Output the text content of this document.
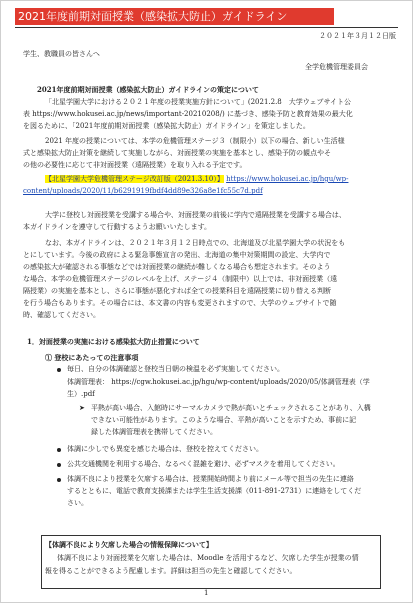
2021年度前期対面授業（感染拡大防止）ガイドライン
２０２１年３月１２日版
学生、教職員の皆さんへ
全学危機管理委員会
2021年度前期対面授業（感染拡大防止）ガイドラインの策定について
「北星学園大学における２０２１年度の授業実施方針について」(2021.2.8　大学ウェブサイト公
表 https://www.hokusei.ac.jp/news/important-20210208/) に基づき、感染予防と教育効果の最大化
を図るために、「2021年度前期対面授業（感染拡大防止）ガイドライン」を策定しました。
2021 年度の授業については、本学の危機管理ステージ３（制限小）以下の場合、新しい生活様
式と感染拡大防止対策を継続して実施しながら、対面授業の実施を基本とし、感染予防の観点やそ
の他の必要性に応じて非対面授業（遠隔授業）を取り入れる予定です。
【北星学園大学危機管理ステージ改訂版（2021.3.10）】 https://www.hokusei.ac.jp/hgu/wp-
content/uploads/2020/11/b6291919fbdf4dd89e326a8e1fc55c7d.pdf
大学に登校し対面授業を受講する場合や、対面授業の前後に学内で遠隔授業を受講する場合は、
本ガイドラインを遵守して行動するようお願いいたします。
なお、本ガイドラインは、２０２１年３月１２日時点での、北海道及び北星学園大学の状況をも
とにしています。今後の政府による緊急事態宣言の発出、北海道の集中対策期間の設定、大学内で
の感染拡大が確認される事態などでは対面授業の継続が難しくなる場合も想定されます。そのよう
な場合、本学の危機管理ステージのレベルを上げ、ステージ４（制限中）以上では、非対面授業（遠
隔授業）の実施を基本とし、さらに事態が悪化すれば全ての授業科目を遠隔授業に切り替える判断
を行う場合もあります。その場合には、本文書の内容も変更されますので、大学のウェブサイトで随
時、確認してください。
1．対面授業の実施における感染拡大防止措置について
① 登校にあたっての注意事項
毎日、自分の体調確認と登校当日朝の検温を必ず実施してください。
体調管理表： https://cgw.hokusei.ac.jp/hgu/wp-content/uploads/2020/05/体調管理表（学
生）.pdf
➤ 平熱が高い場合、入館時にサーマルカメラで熱が高いとチェックされることがあり、入構
できない可能性があります。このような場合、平熱が高いことを示すため、事前に記
録した体調管理表を携帯してください。
体調に少しでも異変を感じた場合は、登校を控えてください。
公共交通機関を利用する場合、なるべく混雑を避け、必ずマスクを着用してください。
体調不良により授業を欠席する場合は、授業開始時間より前にメール等で担当の先生に連絡
するとともに、電話で教育支援課または学生生活支援課（011-891-2731）に連絡をしてくだ
さい。
【体調不良により欠席した場合の情報保障について】
体調不良により対面授業を欠席した場合は、Moodle を活用するなど、欠席した学生が授業の情
報を得ることができるよう配慮します。詳細は担当の先生と確認してください。
1
